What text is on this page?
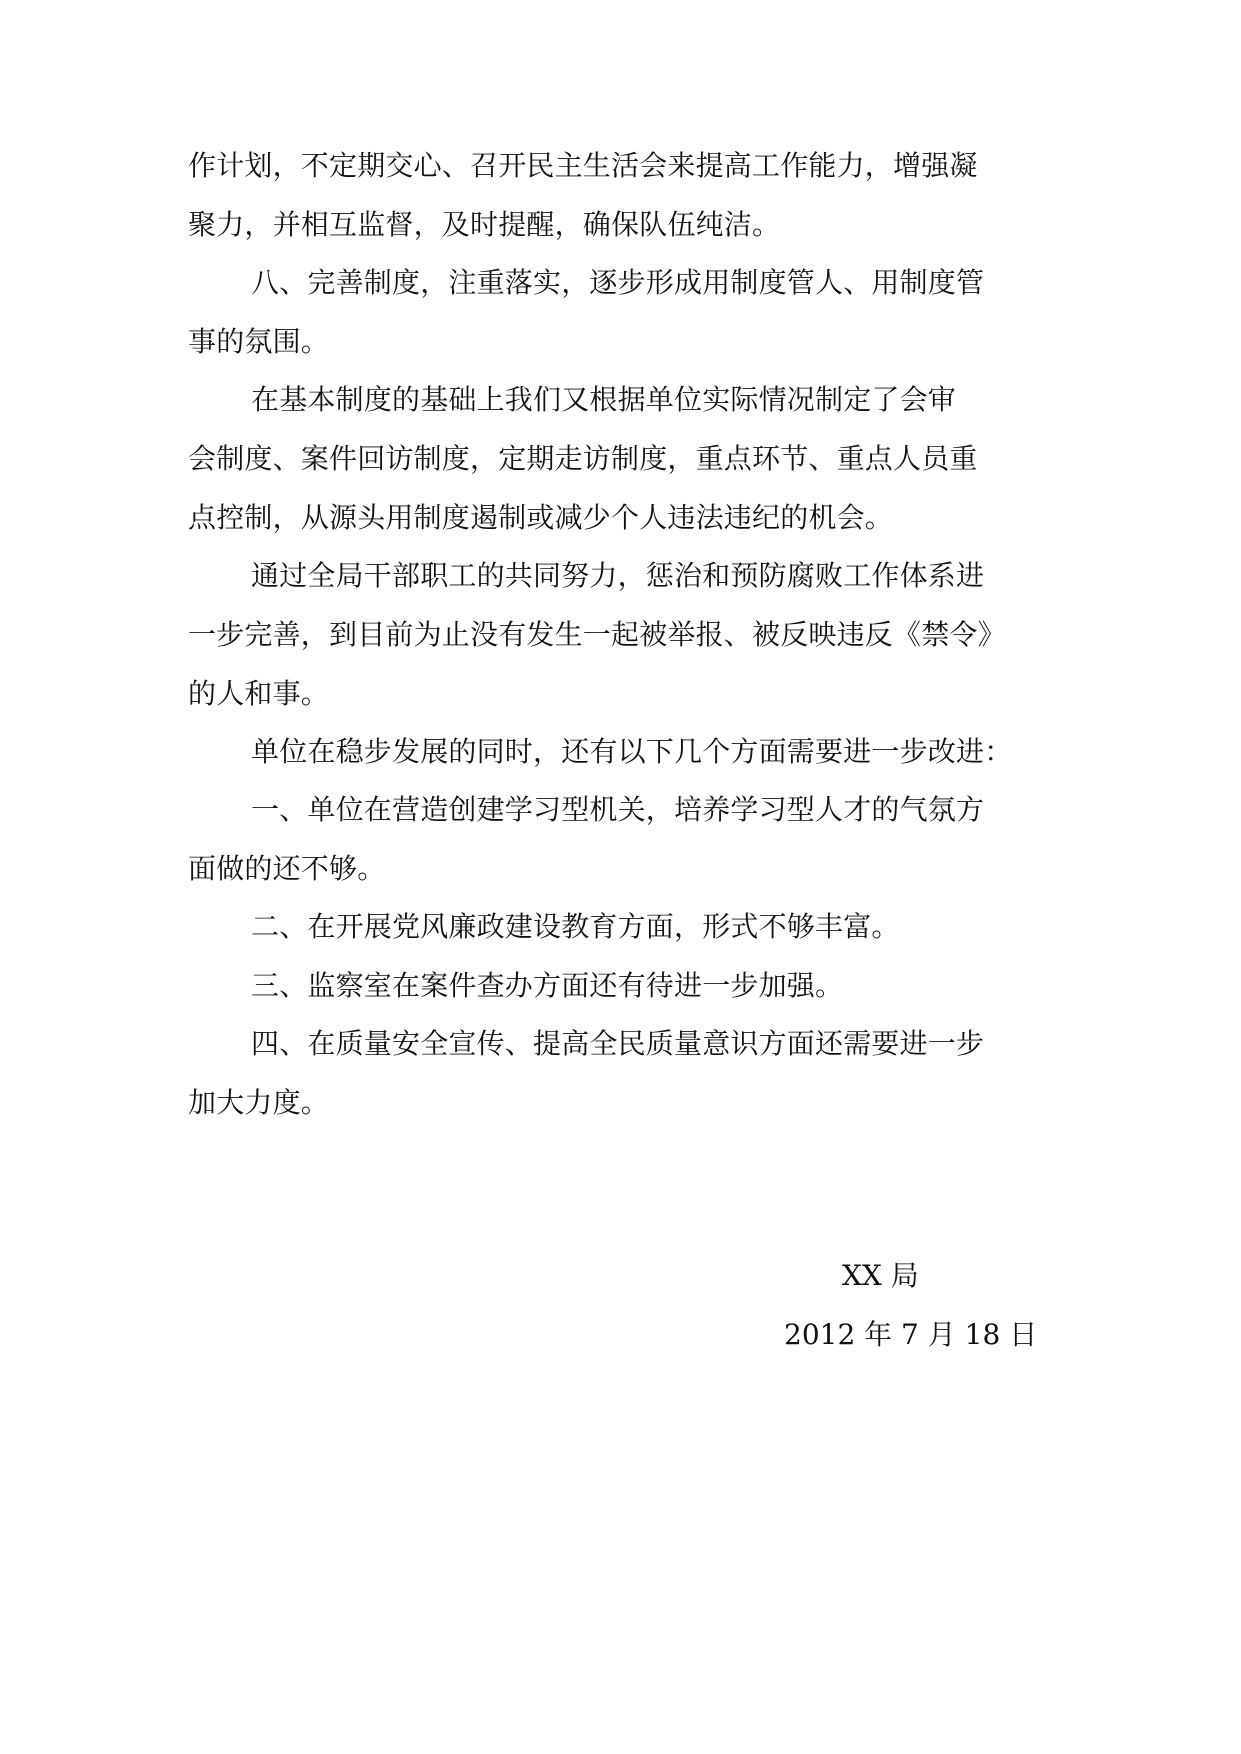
作计划，不定期交心、召开民主生活会来提高工作能力，增强凝
聚力，并相互监督，及时提醒，确保队伍纯洁。
八、完善制度，注重落实，逐步形成用制度管人、用制度管
事的氛围。
在基本制度的基础上我们又根据单位实际情况制定了会审
会制度、案件回访制度，定期走访制度，重点环节、重点人员重
点控制，从源头用制度遏制或减少个人违法违纪的机会。
通过全局干部职工的共同努力，惩治和预防腐败工作体系进
一步完善，到目前为止没有发生一起被举报、被反映违反《禁令》
的人和事。
单位在稳步发展的同时，还有以下几个方面需要进一步改进：
一、单位在营造创建学习型机关，培养学习型人才的气氛方
面做的还不够。
二、在开展党风廉政建设教育方面，形式不够丰富。
三、监察室在案件查办方面还有待进一步加强。
四、在质量安全宣传、提高全民质量意识方面还需要进一步
加大力度。
XX 局
2012 年 7 月 18 日
